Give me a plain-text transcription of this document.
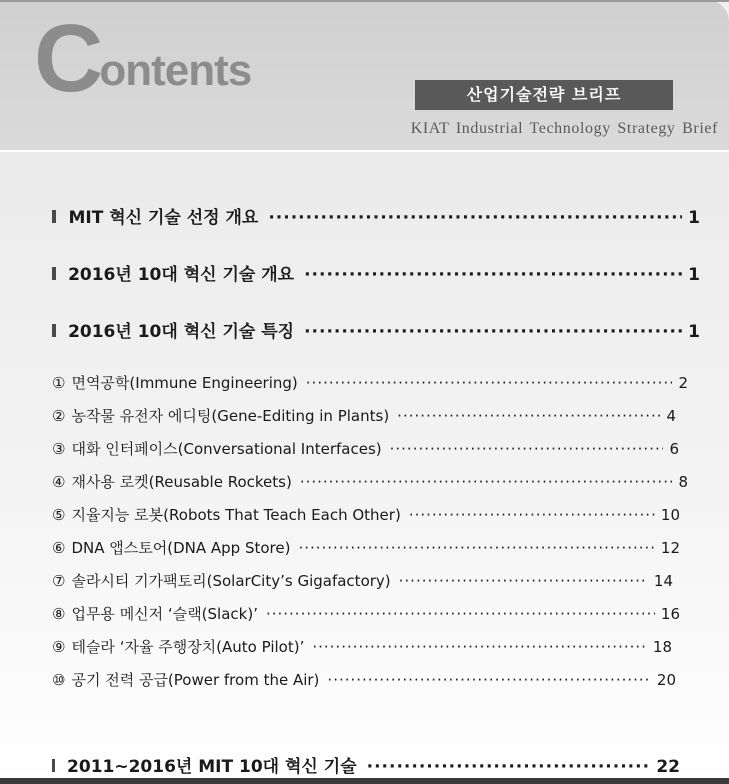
Contents	산업기술전략 브리프
KIAT Industrial Technology Strategy Brief
MIT 혁신 기술 선정 개요 ·····	1
2016년 10대 혁신 기술 개요 ·····	1
2016년 10대 혁신 기술 특징 ·····	1
① 면역공학(Immune Engineering) ·····	2
② 농작물 유전자 에디팅(Gene-Editing in Plants) ·····	4
③ 대화 인터페이스(Conversational Interfaces) ·····	6
④ 재사용 로켓(Reusable Rockets) ·····	8
⑤ 지율지능 로봇(Robots That Teach Each Other) ·····	10
⑥ DNA 앱스토어(DNA App Store) ·····	12
⑦ 솔라시티 기가팩토리(SolarCity’s Gigafactory) ·····	14
⑧ 업무용 메신저 ‘슬랙(Slack)’ ·····	16
⑨ 테슬라 ‘자율 주행장치(Auto Pilot)’ ·····	18
⑩ 공기 전력 공급(Power from the Air) ·····	20
2011~2016년 MIT 10대 혁신 기술 ·····	22
